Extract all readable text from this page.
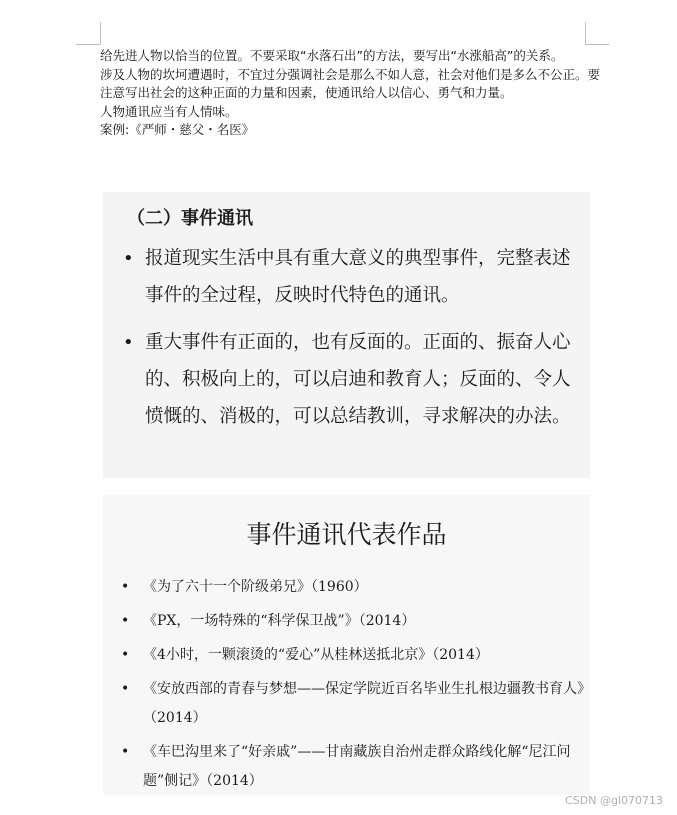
给先进人物以恰当的位置。不要采取“水落石出”的方法，要写出“水涨船高”的关系。

涉及人物的坎坷遭遇时，不宜过分强调社会是那么不如人意，社会对他们是多么不公正。要注意写出社会的这种正面的力量和因素，使通讯给人以信心、勇气和力量。

人物通讯应当有人情味。

案例:《严师・慈父・名医》

（二）事件通讯
• 报道现实生活中具有重大意义的典型事件，完整表述事件的全过程，反映时代特色的通讯。
• 重大事件有正面的，也有反面的。正面的、振奋人心的、积极向上的，可以启迪和教育人；反面的、令人愤慨的、消极的，可以总结教训，寻求解决的办法。
事件通讯代表作品
• 《为了六十一个阶级弟兄》（1960）
• 《PX，一场特殊的“科学保卫战”》（2014）
• 《4小时，一颗滚烫的“爱心”从桂林送抵北京》（2014）
• 《安放西部的青春与梦想——保定学院近百名毕业生扎根边疆教书育人》（2014）
• 《车巴沟里来了“好亲戚”——甘南藏族自治州走群众路线化解“尼江问题”侧记》（2014）
CSDN @gl070713
